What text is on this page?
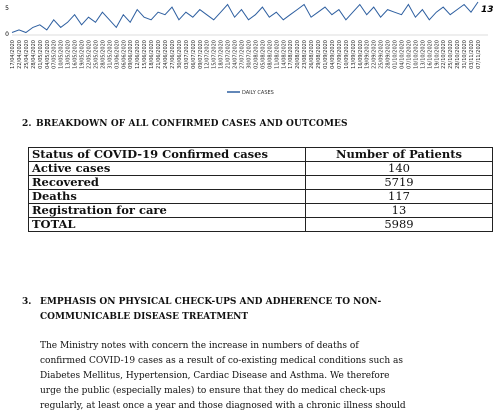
17/04/2020 22/04/2020 25/04/2020 28/04/2020 01/05/2020 04/05/2020 07/05/2020 10/05/2020 13/05/2020 16/05/2020 19/05/2020 22/05/2020 25/05/2020 28/05/2020 31/05/2020 03/06/2020 06/06/2020 09/06/2020 12/06/2020 15/06/2020 18/06/2020 21/06/2020 24/06/2020 27/06/2020 30/06/2020 03/07/2020 06/07/2020 09/07/2020 12/07/2020 15/07/2020 18/07/2020 21/07/2020 24/07/2020 27/07/2020 30/07/2020 02/08/2020 05/08/2020 08/08/2020 11/08/2020 14/08/2020 17/08/2020 20/08/2020 23/08/2020 26/08/2020 29/08/2020 01/09/2020 04/09/2020 07/09/2020 10/09/2020 13/09/2020 16/09/2020 19/09/2020 22/09/2020 25/09/2020 28/09/2020 01/10/2020 04/10/2020 07/10/2020 10/10/2020 13/10/2020 16/10/2020 19/10/2020 22/10/2020 25/10/2020 28/10/2020 31/10/2020 03/11/2020 07/11/2020
5
0
DAILY CASES
13
2. BREAKDOWN OF ALL CONFIRMED CASES AND OUTCOMES
Status of COVID-19 Confirmed cases	Number of Patients
Active cases	140
Recovered	5719
Deaths	117
Registration for care	13
TOTAL	5989
3. EMPHASIS ON PHYSICAL CHECK-UPS AND ADHERENCE TO NON-
COMMUNICABLE DISEASE TREATMENT
The Ministry notes with concern the increase in numbers of deaths of
confirmed COVID-19 cases as a result of co-existing medical conditions such as
Diabetes Mellitus, Hypertension, Cardiac Disease and Asthma. We therefore
urge the public (especially males) to ensure that they do medical check-ups
regularly, at least once a year and those diagnosed with a chronic illness should
